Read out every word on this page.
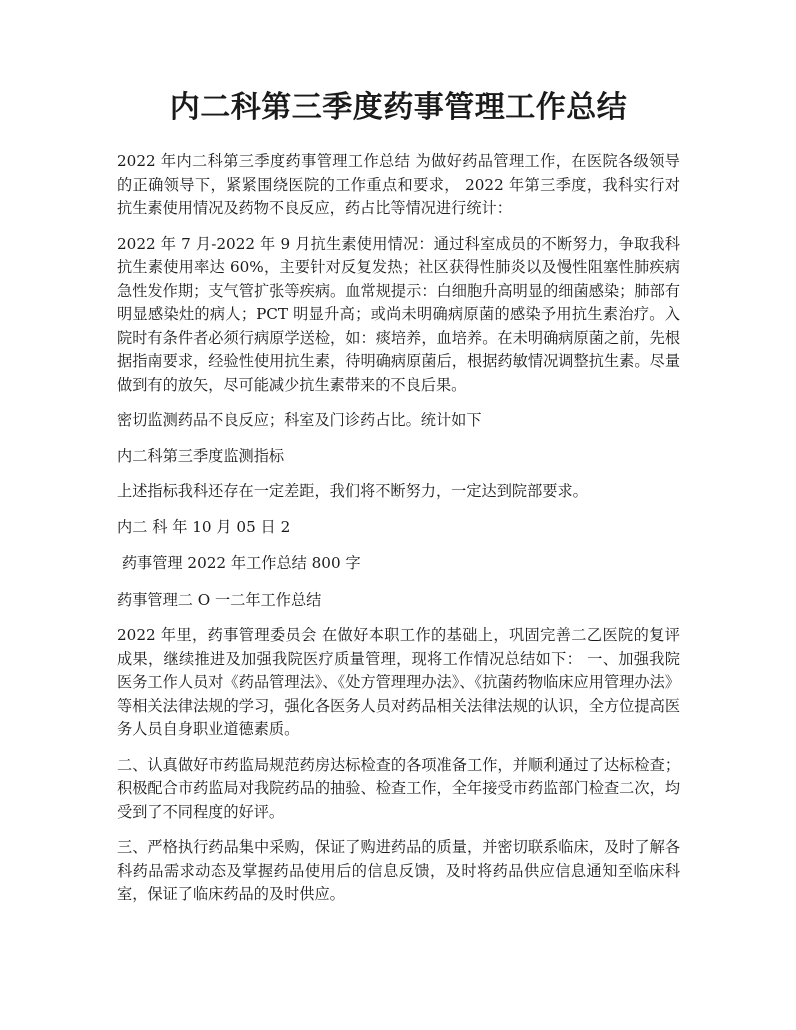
内二科第三季度药事管理工作总结

2022 年内二科第三季度药事管理工作总结 为做好药品管理工作，在医院各级领导的正确领导下，紧紧围绕医院的工作重点和要求， 2022 年第三季度，我科实行对抗生素使用情况及药物不良反应，药占比等情况进行统计：

2022 年 7 月-2022 年 9 月抗生素使用情况：通过科室成员的不断努力，争取我科抗生素使用率达 60%，主要针对反复发热；社区获得性肺炎以及慢性阻塞性肺疾病急性发作期；支气管扩张等疾病。血常规提示：白细胞升高明显的细菌感染；肺部有明显感染灶的病人；PCT 明显升高；或尚未明确病原菌的感染予用抗生素治疗。入院时有条件者必须行病原学送检，如：痰培养，血培养。在未明确病原菌之前，先根据指南要求，经验性使用抗生素，待明确病原菌后，根据药敏情况调整抗生素。尽量做到有的放矢，尽可能减少抗生素带来的不良后果。

密切监测药品不良反应；科室及门诊药占比。统计如下

内二科第三季度监测指标

上述指标我科还存在一定差距，我们将不断努力，一定达到院部要求。

内二 科 年 10 月 05 日 2

药事管理 2022 年工作总结 800 字

药事管理二 O 一二年工作总结

2022 年里，药事管理委员会 在做好本职工作的基础上，巩固完善二乙医院的复评成果，继续推进及加强我院医疗质量管理，现将工作情况总结如下： 一、加强我院医务工作人员对《药品管理法》、《处方管理理办法》、《抗菌药物临床应用管理办法》等相关法律法规的学习，强化各医务人员对药品相关法律法规的认识，全方位提高医务人员自身职业道德素质。

二、认真做好市药监局规范药房达标检查的各项准备工作，并顺利通过了达标检查；积极配合市药监局对我院药品的抽验、检查工作，全年接受市药监部门检查二次，均受到了不同程度的好评。

三、严格执行药品集中采购，保证了购进药品的质量，并密切联系临床，及时了解各科药品需求动态及掌握药品使用后的信息反馈，及时将药品供应信息通知至临床科室，保证了临床药品的及时供应。
